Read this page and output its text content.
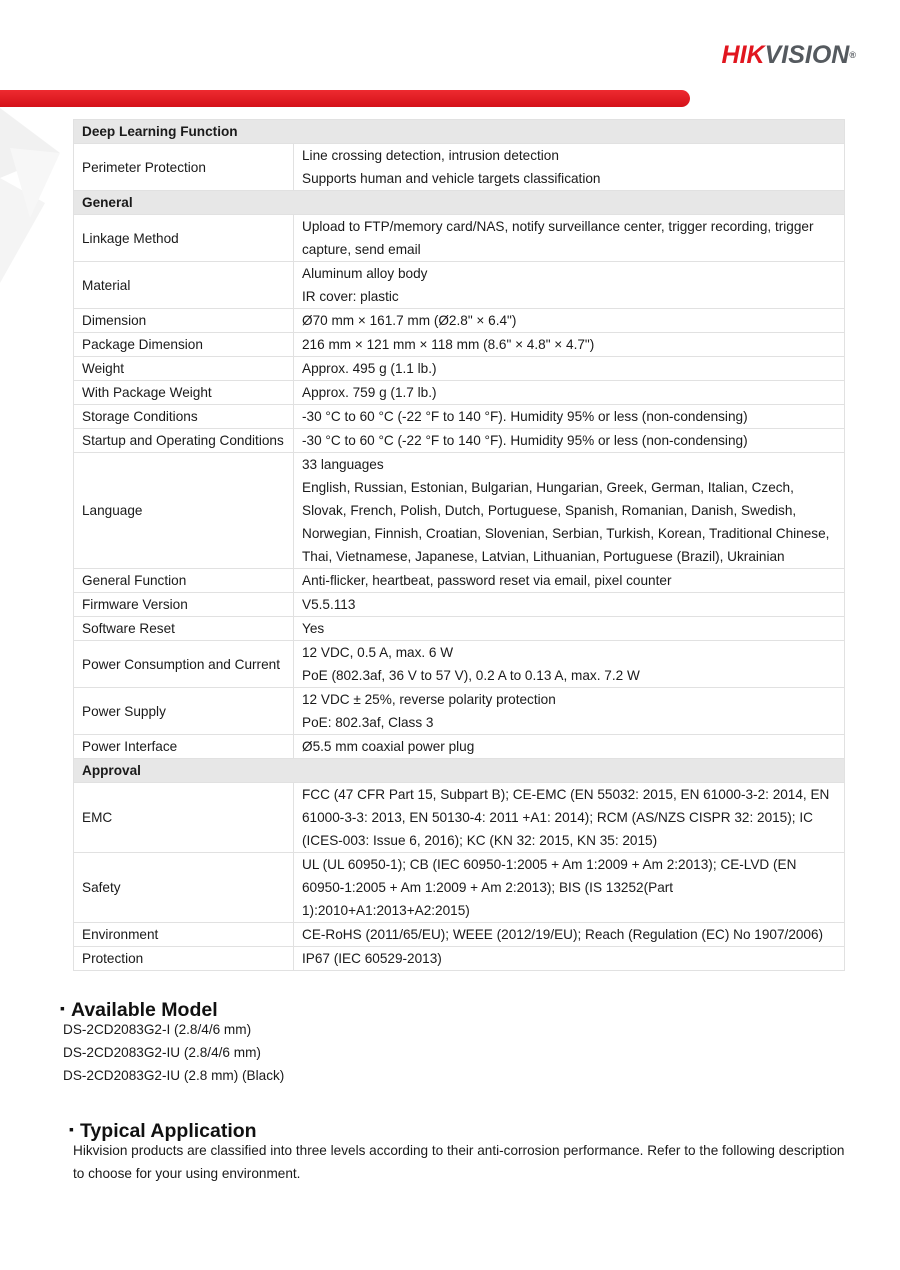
HIKVISION®
Deep Learning Function	
Perimeter Protection	Line crossing detection, intrusion detection
Supports human and vehicle targets classification
General	
Linkage Method	Upload to FTP/memory card/NAS, notify surveillance center, trigger recording, trigger capture, send email
Material	Aluminum alloy body
IR cover: plastic
Dimension	Ø70 mm × 161.7 mm (Ø2.8" × 6.4")
Package Dimension	216 mm × 121 mm × 118 mm (8.6" × 4.8" × 4.7")
Weight	Approx. 495 g (1.1 lb.)
With Package Weight	Approx. 759 g (1.7 lb.)
Storage Conditions	-30 °C to 60 °C (-22 °F to 140 °F). Humidity 95% or less (non-condensing)
Startup and Operating Conditions	-30 °C to 60 °C (-22 °F to 140 °F). Humidity 95% or less (non-condensing)
Language	33 languages
English, Russian, Estonian, Bulgarian, Hungarian, Greek, German, Italian, Czech, Slovak, French, Polish, Dutch, Portuguese, Spanish, Romanian, Danish, Swedish, Norwegian, Finnish, Croatian, Slovenian, Serbian, Turkish, Korean, Traditional Chinese, Thai, Vietnamese, Japanese, Latvian, Lithuanian, Portuguese (Brazil), Ukrainian
General Function	Anti-flicker, heartbeat, password reset via email, pixel counter
Firmware Version	V5.5.113
Software Reset	Yes
Power Consumption and Current	12 VDC, 0.5 A, max. 6 W
PoE (802.3af, 36 V to 57 V), 0.2 A to 0.13 A, max. 7.2 W
Power Supply	12 VDC ± 25%, reverse polarity protection
PoE: 802.3af, Class 3
Power Interface	Ø5.5 mm coaxial power plug
Approval	
EMC	FCC (47 CFR Part 15, Subpart B); CE-EMC (EN 55032: 2015, EN 61000-3-2: 2014, EN 61000-3-3: 2013, EN 50130-4: 2011 +A1: 2014); RCM (AS/NZS CISPR 32: 2015); IC (ICES-003: Issue 6, 2016); KC (KN 32: 2015, KN 35: 2015)
Safety	UL (UL 60950-1); CB (IEC 60950-1:2005 + Am 1:2009 + Am 2:2013); CE-LVD (EN 60950-1:2005 + Am 1:2009 + Am 2:2013); BIS (IS 13252(Part 1):2010+A1:2013+A2:2015)
Environment	CE-RoHS (2011/65/EU); WEEE (2012/19/EU); Reach (Regulation (EC) No 1907/2006)
Protection	IP67 (IEC 60529-2013)
▪ Available Model
DS-2CD2083G2-I (2.8/4/6 mm)
DS-2CD2083G2-IU (2.8/4/6 mm)
DS-2CD2083G2-IU (2.8 mm) (Black)
▪ Typical Application
Hikvision products are classified into three levels according to their anti-corrosion performance. Refer to the following description to choose for your using environment.
